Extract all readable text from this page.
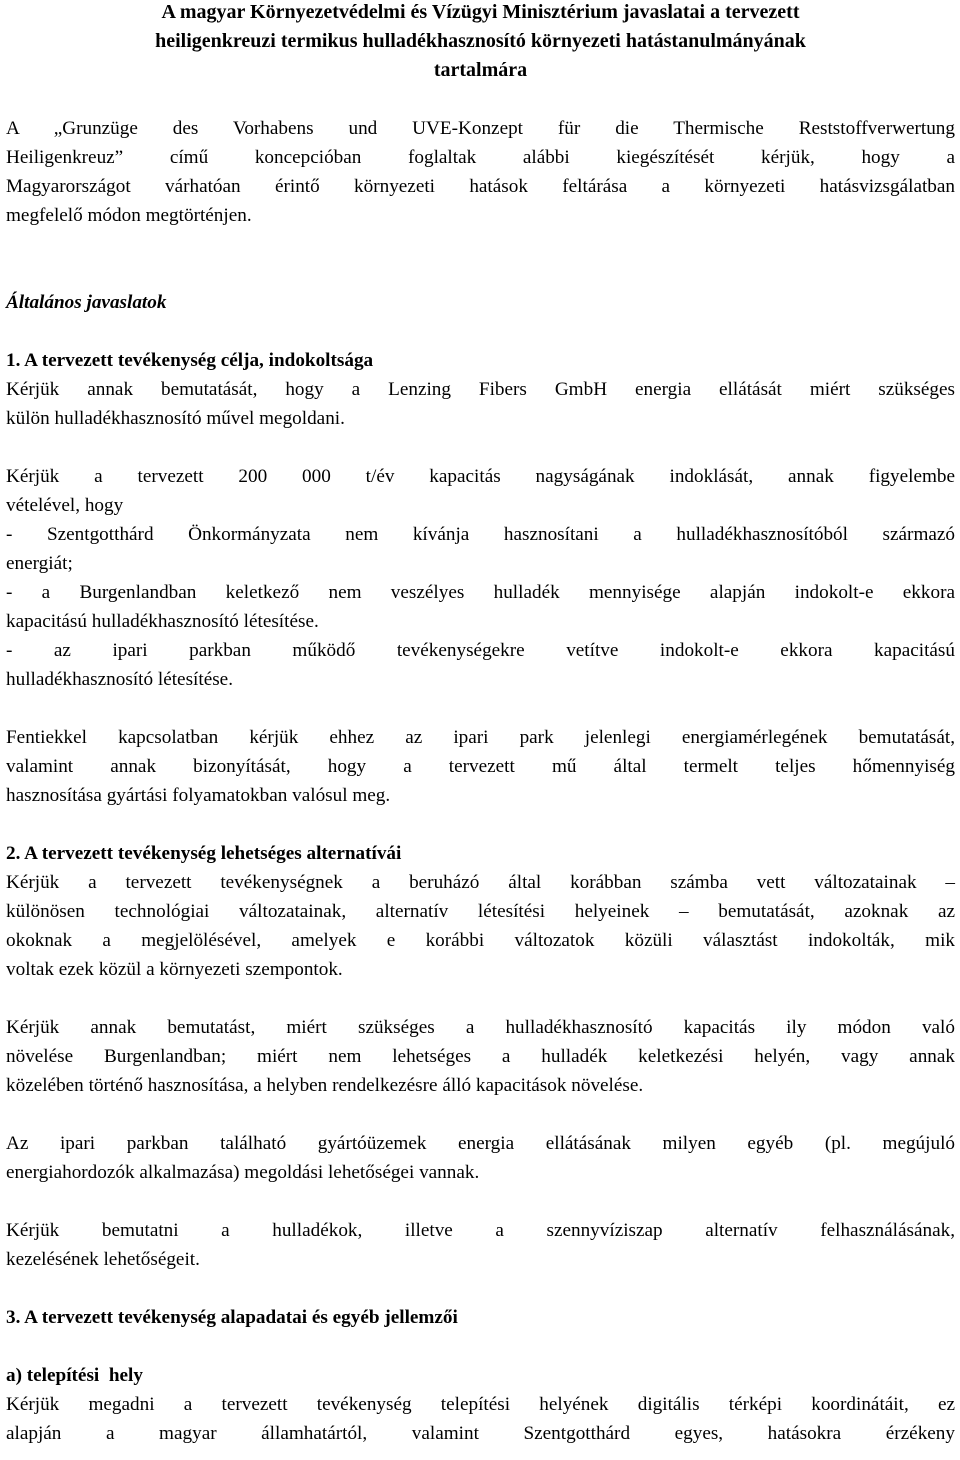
A magyar Környezetvédelmi és Vízügyi Minisztérium javaslatai a tervezett
heiligenkreuzi termikus hulladékhasznosító környezeti hatástanulmányának
tartalmára

A „Grunzüge des Vorhabens und UVE-Konzept für die Thermische Reststoffverwertung
Heiligenkreuz” című koncepcióban foglaltak alábbi kiegészítését kérjük, hogy a
Magyarországot várhatóan érintő környezeti hatások feltárása a környezeti hatásvizsgálatban
megfelelő módon megtörténjen.

Általános javaslatok

1. A tervezett tevékenység célja, indokoltsága

Kérjük annak bemutatását, hogy a Lenzing Fibers GmbH energia ellátását miért szükséges
külön hulladékhasznosító művel megoldani.

Kérjük a tervezett 200 000 t/év kapacitás nagyságának indoklását, annak figyelembe
vételével, hogy
- Szentgotthárd Önkormányzata nem kívánja hasznosítani a hulladékhasznosítóból származó
energiát;
- a Burgenlandban keletkező nem veszélyes hulladék mennyisége alapján indokolt-e ekkora
kapacitású hulladékhasznosító létesítése.
- az ipari parkban működő tevékenységekre vetítve indokolt-e ekkora kapacitású
hulladékhasznosító létesítése.

Fentiekkel kapcsolatban kérjük ehhez az ipari park jelenlegi energiamérlegének bemutatását,
valamint annak bizonyítását, hogy a tervezett mű által termelt teljes hőmennyiség
hasznosítása gyártási folyamatokban valósul meg.

2. A tervezett tevékenység lehetséges alternatívái

Kérjük a tervezett tevékenységnek a beruházó által korábban számba vett változatainak –
különösen technológiai változatainak, alternatív létesítési helyeinek – bemutatását, azoknak az
okoknak a megjelölésével, amelyek e korábbi változatok közüli választást indokolták, mik
voltak ezek közül a környezeti szempontok.

Kérjük annak bemutatást, miért szükséges a hulladékhasznosító kapacitás ily módon való
növelése Burgenlandban; miért nem lehetséges a hulladék keletkezési helyén, vagy annak
közelében történő hasznosítása, a helyben rendelkezésre álló kapacitások növelése.

Az ipari parkban található gyártóüzemek energia ellátásának milyen egyéb (pl. megújuló
energiahordozók alkalmazása) megoldási lehetőségei vannak.

Kérjük bemutatni a hulladékok, illetve a szennyvíziszap alternatív felhasználásának,
kezelésének lehetőségeit.

3. A tervezett tevékenység alapadatai és egyéb jellemzői

a) telepítési  hely

Kérjük megadni a tervezett tevékenység telepítési helyének digitális térképi koordinátáit, ez
alapján a magyar államhatártól, valamint Szentgotthárd egyes, hatásokra érzékeny
